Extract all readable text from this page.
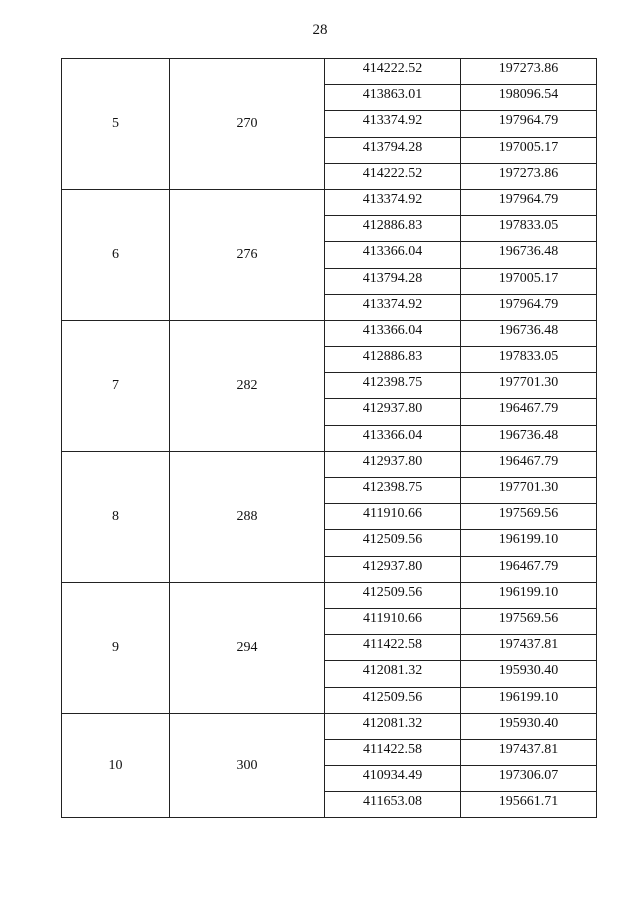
28
5	270	414222.52	197273.86
		413863.01	198096.54
		413374.92	197964.79
		413794.28	197005.17
		414222.52	197273.86
6	276	413374.92	197964.79
		412886.83	197833.05
		413366.04	196736.48
		413794.28	197005.17
		413374.92	197964.79
7	282	413366.04	196736.48
		412886.83	197833.05
		412398.75	197701.30
		412937.80	196467.79
		413366.04	196736.48
8	288	412937.80	196467.79
		412398.75	197701.30
		411910.66	197569.56
		412509.56	196199.10
		412937.80	196467.79
9	294	412509.56	196199.10
		411910.66	197569.56
		411422.58	197437.81
		412081.32	195930.40
		412509.56	196199.10
10	300	412081.32	195930.40
		411422.58	197437.81
		410934.49	197306.07
		411653.08	195661.71
